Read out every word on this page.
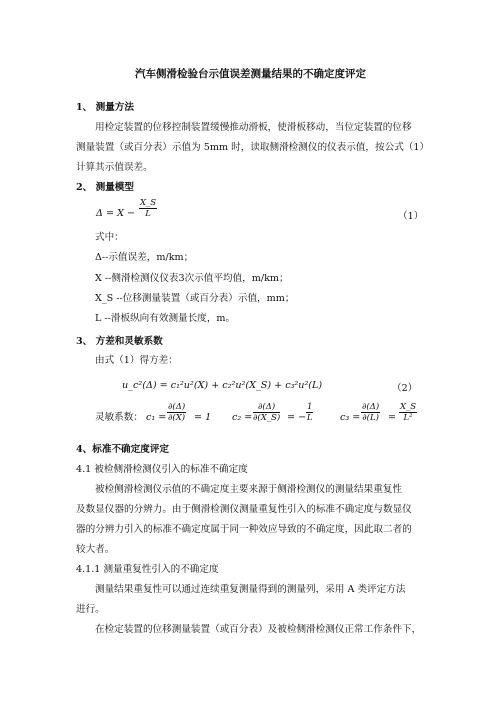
汽车侧滑检验台示值误差测量结果的不确定度评定
1、 测量方法
用检定装置的位移控制装置缓慢推动滑板，使滑板移动，当位定装置的位移
测量装置（或百分表）示值为 5mm 时，读取侧滑检测仪的仪表示值，按公式（1）
计算其示值误差。
2、 测量模型
$\Delta = X - \frac{X\_S}{L}$	（1）
式中：
Δ--示值误差，m/km；
X --侧滑检测仪仪表3次示值平均值，m/km；
X_S --位移测量装置（或百分表）示值，mm；
L --滑板纵向有效测量长度，m。
3、 方差和灵敏系数
由式（1）得方差：
u_c²(Δ) = c₁²u²(X) + c₂²u²(X_S) + c₃²u²(L)	（2）
灵敏系数： $c_1 = \frac{\partial(\Delta)}{\partial(X)} = 1$ $c_2 = \frac{\partial(\Delta)}{\partial(X\_S)}$ = − $\frac{1}{L}$	$c_3 = \frac{\partial(\Delta)}{\partial(L)} = \frac{X\_S}{\text{L²}}$
4、标准不确定度评定
4.1 被检侧滑检测仪引入的标准不确定度
被检侧滑检测仪示值的不确定度主要来源于侧滑检测仪的测量结果重复性
及数显仪器的分辨力。由于侧滑检测仪测量重复性引入的标准不确定度与数显仪
器的分辨力引入的标准不确定度属于同一种效应导致的不确定度，因此取二者的
较大者。
4.1.1 测量重复性引入的不确定度
测量结果重复性可以通过连续重复测量得到的测量列，采用 A 类评定方法
进行。
在检定装置的位移测量装置（或百分表）及被检侧滑检测仪正常工作条件下，
